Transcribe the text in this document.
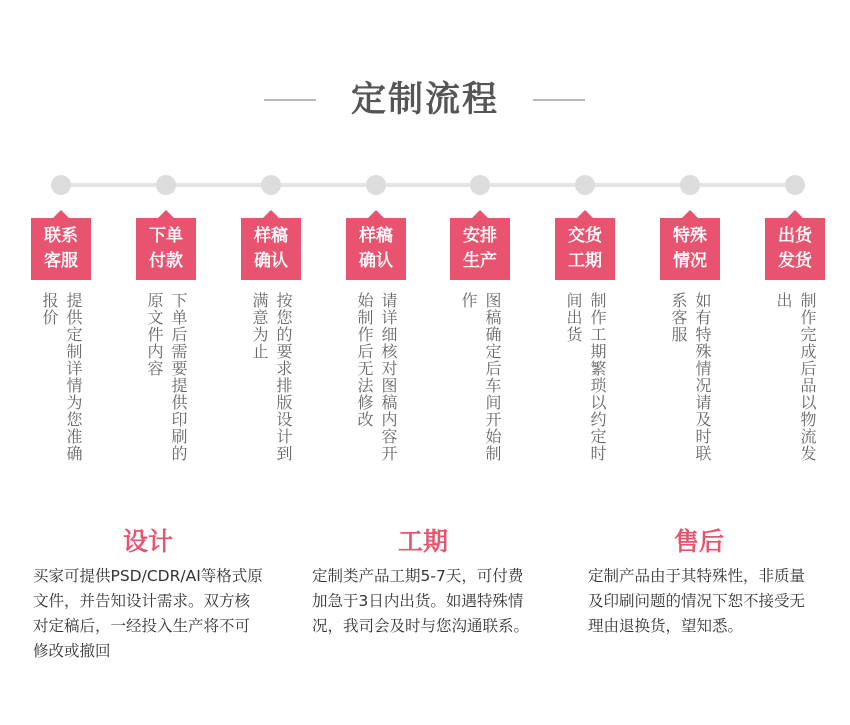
定制流程
联系
客服
提供定制详情为您准确报价
下单
付款
下单后需要提供印刷的原文件内容
样稿
确认
按您的要求排版设计到满意为止
样稿
确认
请详细核对图稿内容开始制作后无法修改
安排
生产
图稿确定后车间开始制作
交货
工期
制作工期繁琐以约定时间出货
特殊
情况
如有特殊情况请及时联系客服
出货
发货
制作完成后品以物流发出
设计
买家可提供PSD/CDR/AI等格式原文件，并告知设计需求。双方核对定稿后，一经投入生产将不可修改或撤回
工期
定制类产品工期5-7天，可付费加急于3日内出货。如遇特殊情况，我司会及时与您沟通联系。
售后
定制产品由于其特殊性，非质量及印刷问题的情况下恕不接受无理由退换货，望知悉。
